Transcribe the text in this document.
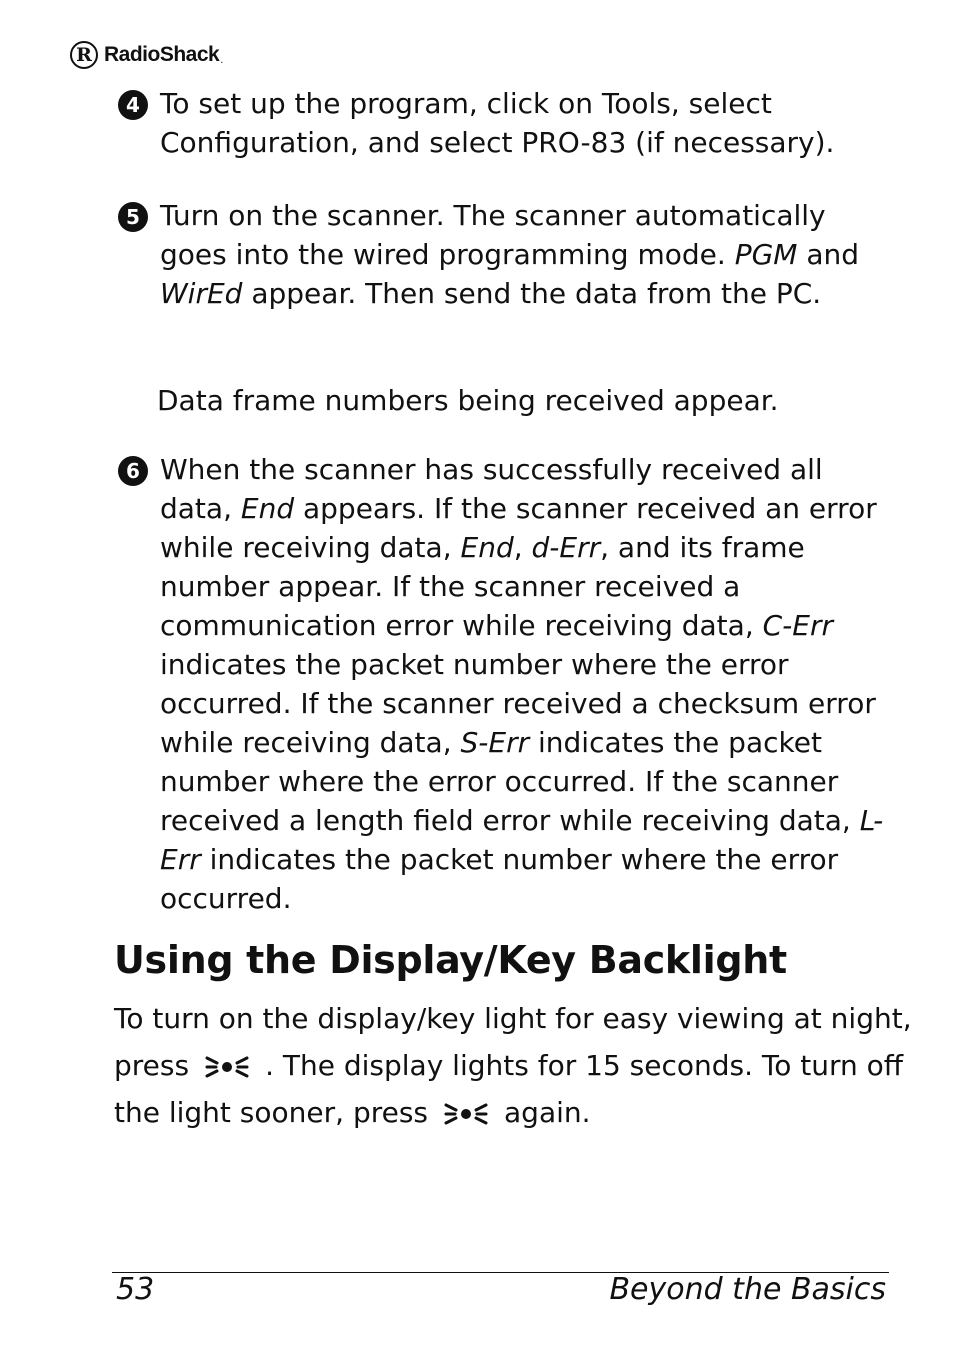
R RadioShack .

4 To set up the program, click on Tools, select Configuration, and select PRO-83 (if necessary).

5 Turn on the scanner. The scanner automatically goes into the wired programming mode. PGM and WirEd appear. Then send the data from the PC.

Data frame numbers being received appear.

6 When the scanner has successfully received all data, End appears. If the scanner received an error while receiving data, End, d-Err, and its frame number appear. If the scanner received a communication error while receiving data, C-Err indicates the packet number where the error occurred. If the scanner received a checksum error while receiving data, S-Err indicates the packet number where the error occurred. If the scanner received a length field error while receiving data, L-Err indicates the packet number where the error occurred.

Using the Display/Key Backlight

To turn on the display/key light for easy viewing at night, press	. The display lights for 15 seconds. To turn off the light sooner, press	again.

53	Beyond the Basics
